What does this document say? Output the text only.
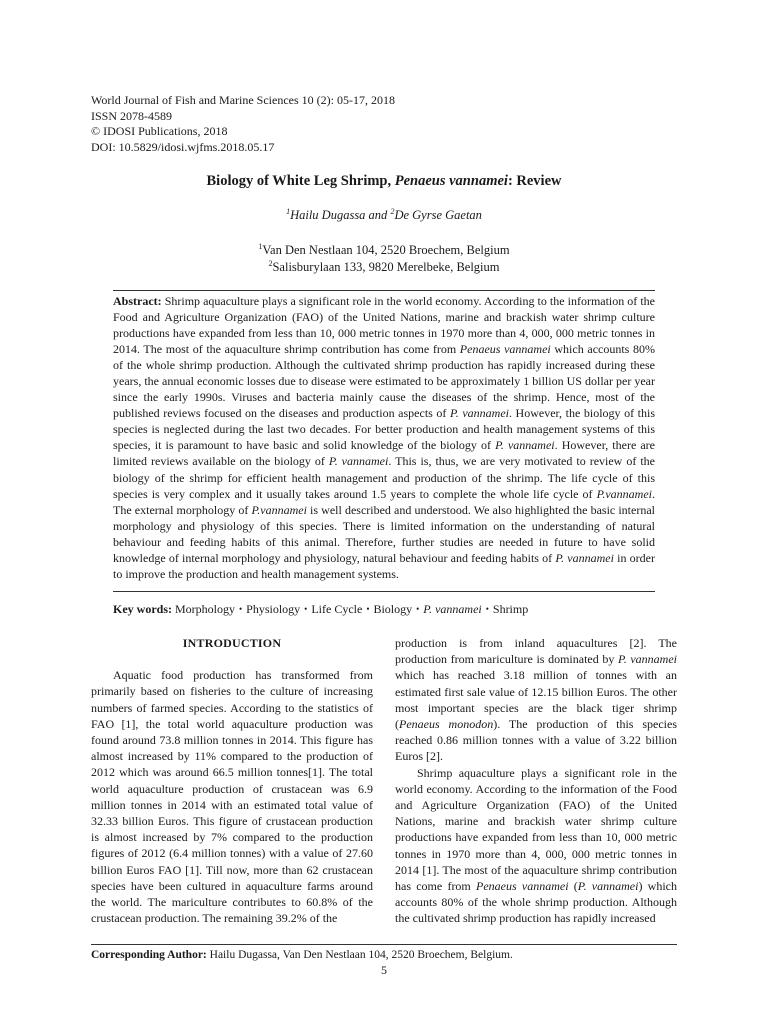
World Journal of Fish and Marine Sciences 10 (2): 05-17, 2018
ISSN 2078-4589
© IDOSI Publications, 2018
DOI: 10.5829/idosi.wjfms.2018.05.17
Biology of White Leg Shrimp, Penaeus vannamei: Review
$^1$Hailu Dugassa and $^2$De Gyrse Gaetan
$^1$Van Den Nestlaan 104, 2520 Broechem, Belgium
$^2$Salisburylaan 133, 9820 Merelbeke, Belgium
Abstract: Shrimp aquaculture plays a significant role in the world economy. According to the information of the Food and Agriculture Organization (FAO) of the United Nations, marine and brackish water shrimp culture productions have expanded from less than 10, 000 metric tonnes in 1970 more than 4, 000, 000 metric tonnes in 2014. The most of the aquaculture shrimp contribution has come from Penaeus vannamei which accounts 80% of the whole shrimp production. Although the cultivated shrimp production has rapidly increased during these years, the annual economic losses due to disease were estimated to be approximately 1 billion US dollar per year since the early 1990s. Viruses and bacteria mainly cause the diseases of the shrimp. Hence, most of the published reviews focused on the diseases and production aspects of P. vannamei. However, the biology of this species is neglected during the last two decades. For better production and health management systems of this species, it is paramount to have basic and solid knowledge of the biology of P. vannamei. However, there are limited reviews available on the biology of P. vannamei. This is, thus, we are very motivated to review of the biology of the shrimp for efficient health management and production of the shrimp. The life cycle of this species is very complex and it usually takes around 1.5 years to complete the whole life cycle of P.vannamei. The external morphology of P.vannamei is well described and understood. We also highlighted the basic internal morphology and physiology of this species. There is limited information on the understanding of natural behaviour and feeding habits of this animal. Therefore, further studies are needed in future to have solid knowledge of internal morphology and physiology, natural behaviour and feeding habits of P. vannamei in order to improve the production and health management systems.
Key words: Morphology • Physiology • Life Cycle • Biology • P. vannamei • Shrimp
INTRODUCTION

Aquatic food production has transformed from primarily based on fisheries to the culture of increasing numbers of farmed species. According to the statistics of FAO [1], the total world aquaculture production was found around 73.8 million tonnes in 2014. This figure has almost increased by 11% compared to the production of 2012 which was around 66.5 million tonnes[1]. The total world aquaculture production of crustacean was 6.9 million tonnes in 2014 with an estimated total value of 32.33 billion Euros. This figure of crustacean production is almost increased by 7% compared to the production figures of 2012 (6.4 million tonnes) with a value of 27.60 billion Euros FAO [1]. Till now, more than 62 crustacean species have been cultured in aquaculture farms around the world. The mariculture contributes to 60.8% of the crustacean production. The remaining 39.2% of the

production is from inland aquacultures [2]. The production from mariculture is dominated by P. vannamei which has reached 3.18 million of tonnes with an estimated first sale value of 12.15 billion Euros. The other most important species are the black tiger shrimp (Penaeus monodon). The production of this species reached 0.86 million tonnes with a value of 3.22 billion Euros [2].

Shrimp aquaculture plays a significant role in the world economy. According to the information of the Food and Agriculture Organization (FAO) of the United Nations, marine and brackish water shrimp culture productions have expanded from less than 10, 000 metric tonnes in 1970 more than 4, 000, 000 metric tonnes in 2014 [1]. The most of the aquaculture shrimp contribution has come from Penaeus vannamei (P. vannamei) which accounts 80% of the whole shrimp production. Although the cultivated shrimp production has rapidly increased

Corresponding Author: Hailu Dugassa, Van Den Nestlaan 104, 2520 Broechem, Belgium.
5
